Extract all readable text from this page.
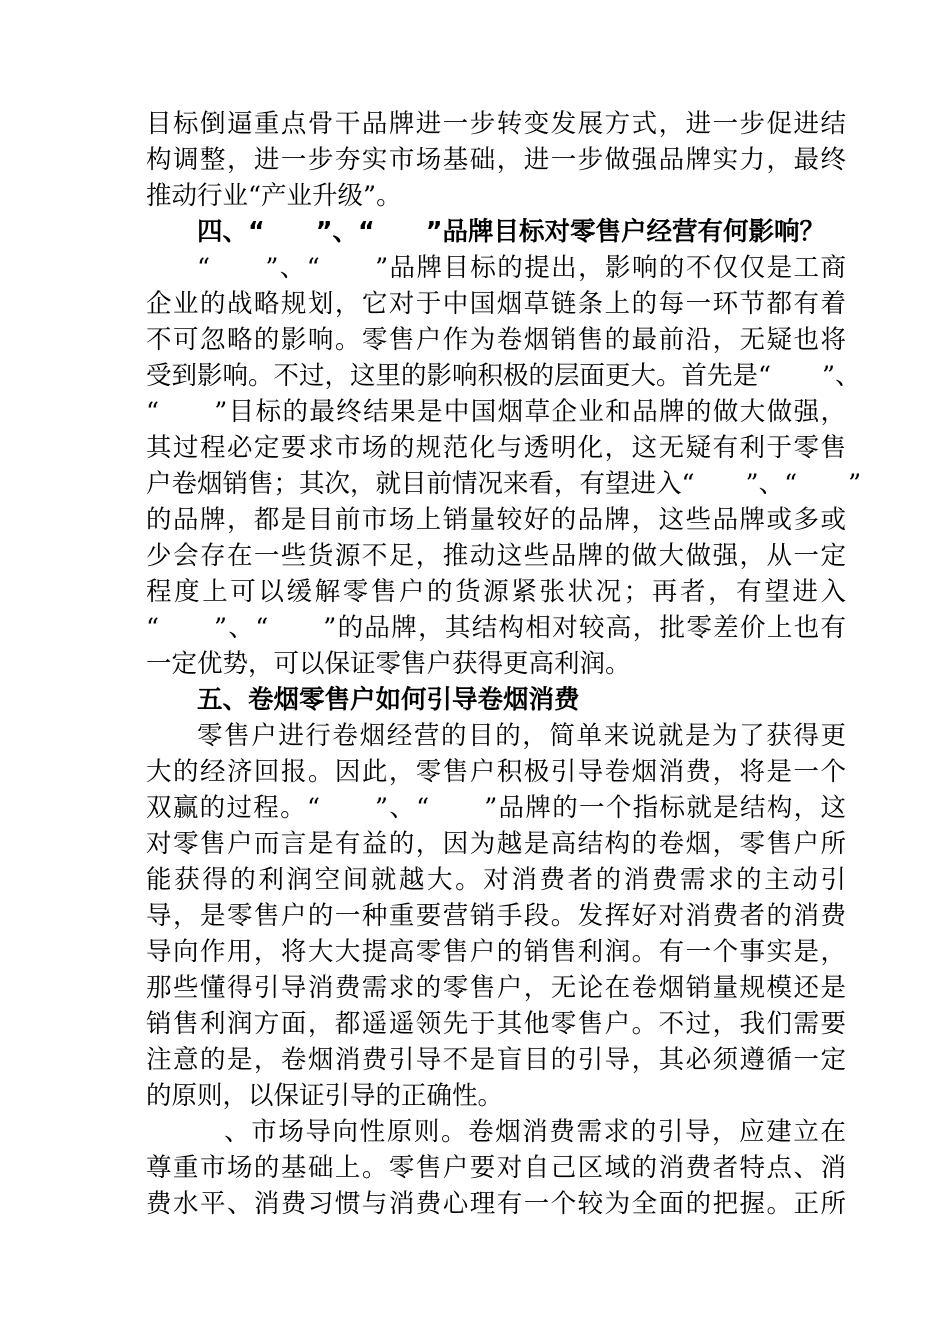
目标倒逼重点骨干品牌进一步转变发展方式，进一步促进结
构调整，进一步夯实市场基础，进一步做强品牌实力，最终
推动行业“产业升级”。
四、“　　”、“　　”品牌目标对零售户经营有何影响？
“　　”、“　　”品牌目标的提出，影响的不仅仅是工商
企业的战略规划，它对于中国烟草链条上的每一环节都有着
不可忽略的影响。零售户作为卷烟销售的最前沿，无疑也将
受到影响。不过，这里的影响积极的层面更大。首先是“　　”、
“　　”目标的最终结果是中国烟草企业和品牌的做大做强，
其过程必定要求市场的规范化与透明化，这无疑有利于零售
户卷烟销售；其次，就目前情况来看，有望进入“　　”、“　　”
的品牌，都是目前市场上销量较好的品牌，这些品牌或多或
少会存在一些货源不足，推动这些品牌的做大做强，从一定
程度上可以缓解零售户的货源紧张状况；再者，有望进入
“　　”、“　　”的品牌，其结构相对较高，批零差价上也有
一定优势，可以保证零售户获得更高利润。
五、卷烟零售户如何引导卷烟消费
零售户进行卷烟经营的目的，简单来说就是为了获得更
大的经济回报。因此，零售户积极引导卷烟消费，将是一个
双赢的过程。“　　”、“　　”品牌的一个指标就是结构，这
对零售户而言是有益的，因为越是高结构的卷烟，零售户所
能获得的利润空间就越大。对消费者的消费需求的主动引
导，是零售户的一种重要营销手段。发挥好对消费者的消费
导向作用，将大大提高零售户的销售利润。有一个事实是，
那些懂得引导消费需求的零售户，无论在卷烟销量规模还是
销售利润方面，都遥遥领先于其他零售户。不过，我们需要
注意的是，卷烟消费引导不是盲目的引导，其必须遵循一定
的原则，以保证引导的正确性。
　、市场导向性原则。卷烟消费需求的引导，应建立在
尊重市场的基础上。零售户要对自己区域的消费者特点、消
费水平、消费习惯与消费心理有一个较为全面的把握。正所
